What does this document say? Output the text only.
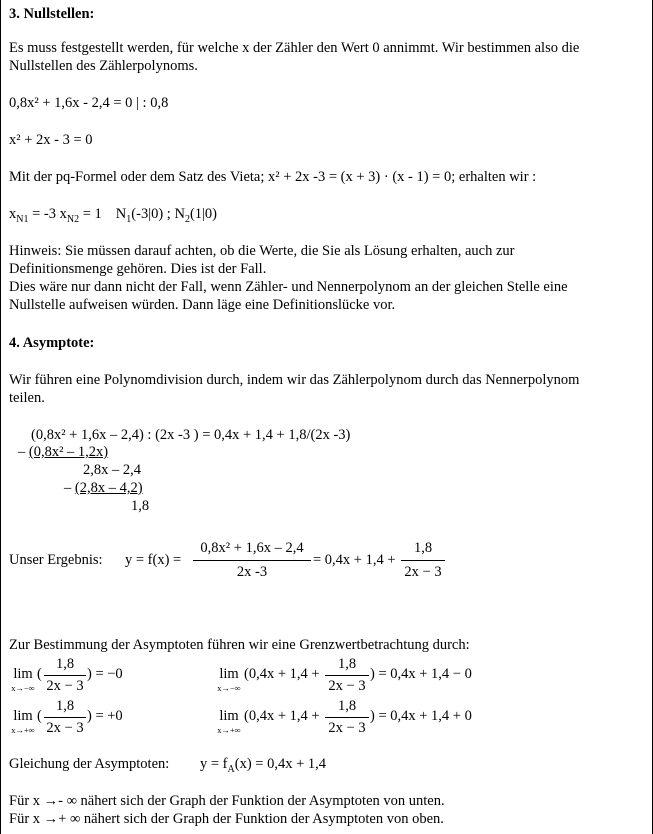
3. Nullstellen:
Es muss festgestellt werden, für welche x der Zähler den Wert 0 annimmt. Wir bestimmen also die
Nullstellen des Zählerpolynoms.
0,8x² + 1,6x - 2,4 = 0 | : 0,8
x² + 2x - 3 = 0
Mit der pq-Formel oder dem Satz des Vieta; x² + 2x -3 = (x + 3) · (x - 1) = 0; erhalten wir :
$x_{N1} = -3$ $x_{N2} = 1$ $N_1(-3|0)$ ; $N_2(1|0)$
Hinweis: Sie müssen darauf achten, ob die Werte, die Sie als Lösung erhalten, auch zur
Definitionsmenge gehören. Dies ist der Fall.
Dies wäre nur dann nicht der Fall, wenn Zähler- und Nennerpolynom an der gleichen Stelle eine
Nullstelle aufweisen würden. Dann läge eine Definitionslücke vor.
4. Asymptote:
Wir führen eine Polynomdivision durch, indem wir das Zählerpolynom durch das Nennerpolynom
teilen.
(0,8x² + 1,6x – 2,4) : (2x -3 ) = 0,4x + 1,4 + 1,8/(2x -3)
– (0,8x² – 1,2x)
2,8x – 2,4
– (2,8x – 4,2)
1,8
Unser Ergebnis: y = f(x) =
0,8x² + 1,6x – 2,4
2x -3
= 0,4x + 1,4 +
1,8
2x − 3
Zur Bestimmung der Asymptoten führen wir eine Grenzwertbetrachtung durch:
lim
x→−∞
(
1,8
2x − 3
) = −0	lim
x→−∞
(0,4x + 1,4 +
1,8
2x − 3
) = 0,4x + 1,4 − 0
lim
x→+∞
(
1,8
2x − 3
) = +0	lim
x→+∞
(0,4x + 1,4 +
1,8
2x − 3
) = 0,4x + 1,4 + 0
Gleichung der Asymptoten: $y = f_A(x) = 0,4x + 1,4$
Für x →- ∞ nähert sich der Graph der Funktion der Asymptoten von unten.
Für x →+ ∞ nähert sich der Graph der Funktion der Asymptoten von oben.
